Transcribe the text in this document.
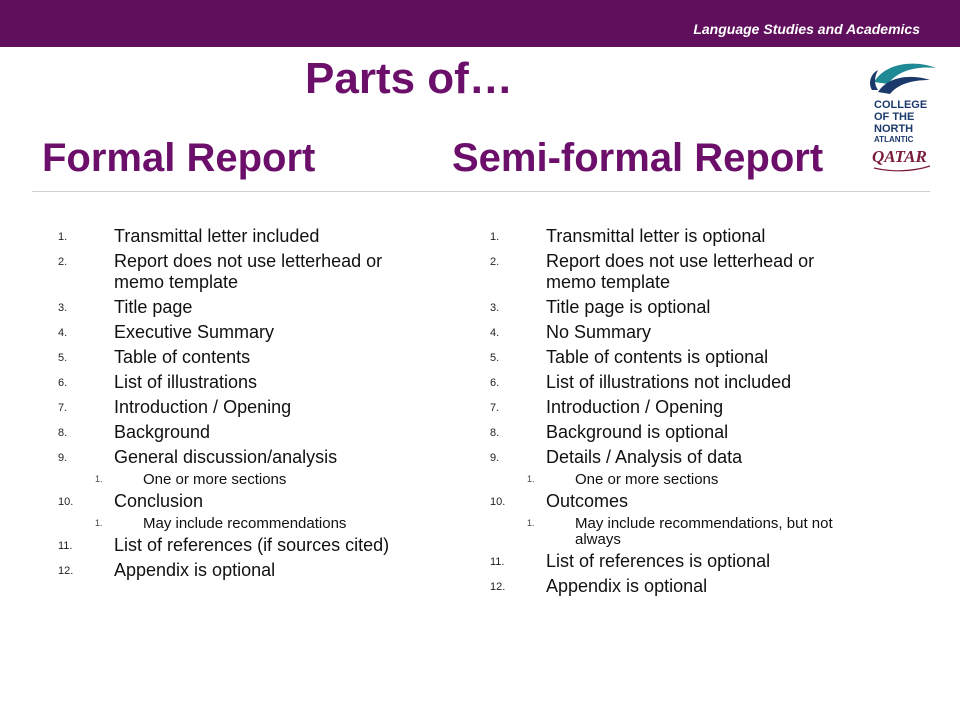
Language Studies and Academics
Parts of…
Formal Report	Semi-formal Report
COLLEGE
OF THE
NORTH
ATLANTIC
QATAR
1.	Transmittal letter included
2.	Report does not use letterhead or memo template
3.	Title page
4.	Executive Summary
5.	Table of contents
6.	List of illustrations
7.	Introduction / Opening
8.	Background
9.	General discussion/analysis
1.	One or more sections
10.	Conclusion
1.	May include recommendations
11.	List of references (if sources cited)
12.	Appendix is optional
1.	Transmittal letter is optional
2.	Report does not use letterhead or memo template
3.	Title page is optional
4.	No Summary
5.	Table of contents is optional
6.	List of illustrations not included
7.	Introduction / Opening
8.	Background is optional
9.	Details / Analysis of data
1.	One or more sections
10.	Outcomes
1.	May include recommendations, but not always
11.	List of references is optional
12.	Appendix is optional
